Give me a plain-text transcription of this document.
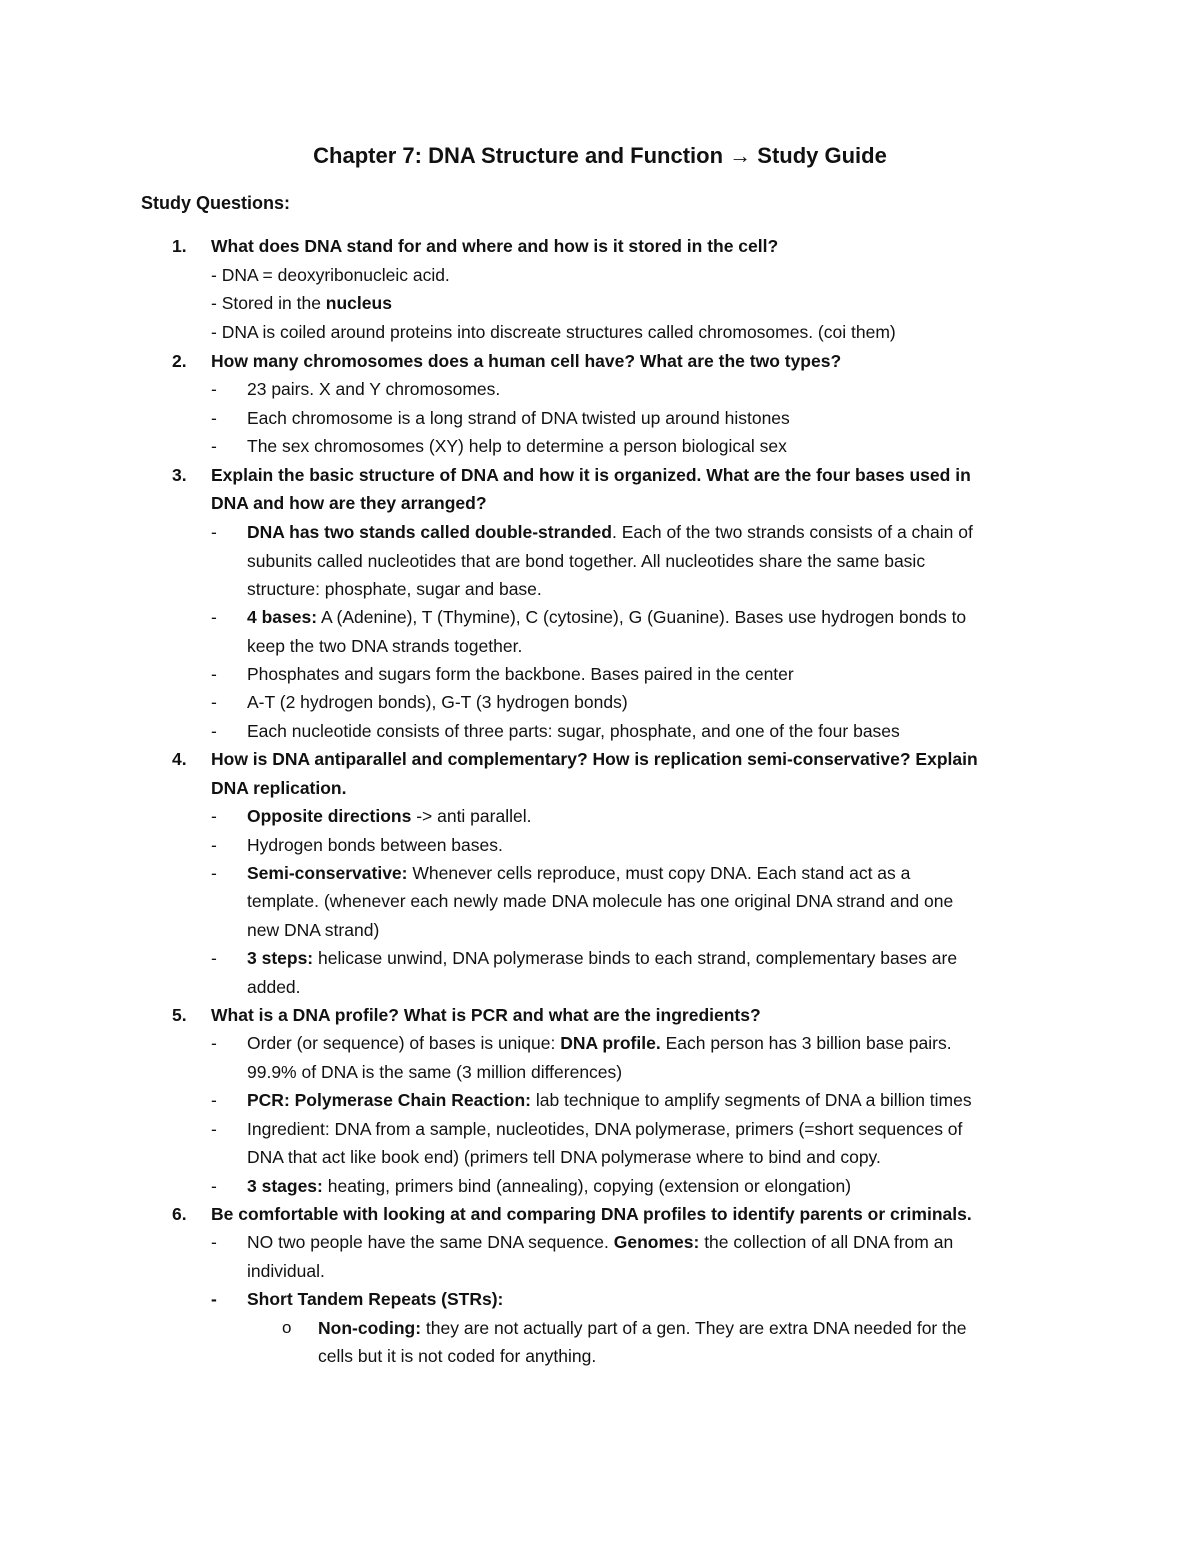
Chapter 7: DNA Structure and Function → Study Guide
Study Questions:
1. What does DNA stand for and where and how is it stored in the cell?
- DNA = deoxyribonucleic acid.
- Stored in the nucleus
- DNA is coiled around proteins into discreate structures called chromosomes. (coi them)
2. How many chromosomes does a human cell have? What are the two types?
- 23 pairs. X and Y chromosomes.
- Each chromosome is a long strand of DNA twisted up around histones
- The sex chromosomes (XY) help to determine a person biological sex
3. Explain the basic structure of DNA and how it is organized. What are the four bases used in
DNA and how are they arranged?
- DNA has two stands called double-stranded. Each of the two strands consists of a chain of
subunits called nucleotides that are bond together. All nucleotides share the same basic
structure: phosphate, sugar and base.
- 4 bases: A (Adenine), T (Thymine), C (cytosine), G (Guanine). Bases use hydrogen bonds to
keep the two DNA strands together.
- Phosphates and sugars form the backbone. Bases paired in the center
- A-T (2 hydrogen bonds), G-T (3 hydrogen bonds)
- Each nucleotide consists of three parts: sugar, phosphate, and one of the four bases
4. How is DNA antiparallel and complementary? How is replication semi-conservative? Explain
DNA replication.
- Opposite directions -> anti parallel.
- Hydrogen bonds between bases.
- Semi-conservative: Whenever cells reproduce, must copy DNA. Each stand act as a
template. (whenever each newly made DNA molecule has one original DNA strand and one
new DNA strand)
- 3 steps: helicase unwind, DNA polymerase binds to each strand, complementary bases are
added.
5. What is a DNA profile? What is PCR and what are the ingredients?
- Order (or sequence) of bases is unique: DNA profile. Each person has 3 billion base pairs.
99.9% of DNA is the same (3 million differences)
- PCR: Polymerase Chain Reaction: lab technique to amplify segments of DNA a billion times
- Ingredient: DNA from a sample, nucleotides, DNA polymerase, primers (=short sequences of
DNA that act like book end) (primers tell DNA polymerase where to bind and copy.
- 3 stages: heating, primers bind (annealing), copying (extension or elongation)
6. Be comfortable with looking at and comparing DNA profiles to identify parents or criminals.
- NO two people have the same DNA sequence. Genomes: the collection of all DNA from an
individual.
- Short Tandem Repeats (STRs):
o Non-coding: they are not actually part of a gen. They are extra DNA needed for the
cells but it is not coded for anything.
